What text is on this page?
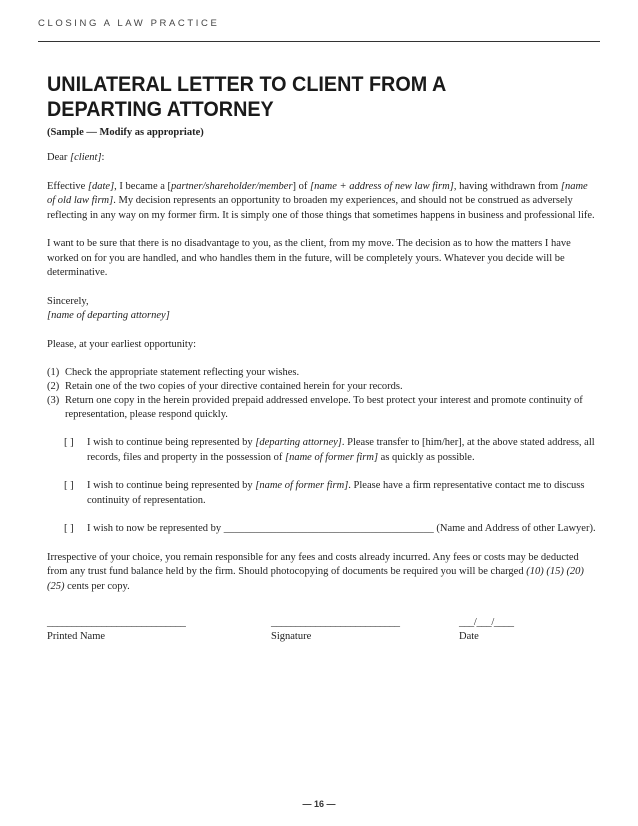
CLOSING A LAW PRACTICE
UNILATERAL LETTER TO CLIENT FROM A
DEPARTING ATTORNEY
(Sample — Modify as appropriate)

Dear [client]:

Effective [date], I became a [partner/shareholder/member] of [name + address of new law firm], having withdrawn from [name of old law firm]. My decision represents an opportunity to broaden my experiences, and should not be construed as adversely reflecting in any way on my former firm. It is simply one of those things that sometimes happens in business and professional life.

I want to be sure that there is no disadvantage to you, as the client, from my move. The decision as to how the matters I have worked on for you are handled, and who handles them in the future, will be completely yours. Whatever you decide will be determinative.

Sincerely,

[name of departing attorney]

Please, at your earliest opportunity:

(1) Check the appropriate statement reflecting your wishes.
(2) Retain one of the two copies of your directive contained herein for your records.
(3) Return one copy in the herein provided prepaid addressed envelope. To best protect your interest and promote continuity of representation, please respond quickly.
[ ]	I wish to continue being represented by [departing attorney]. Please transfer to [him/her], at the above stated address, all records, files and property in the possession of [name of former firm] as quickly as possible.
[ ]	I wish to continue being represented by [name of former firm]. Please have a firm representative contact me to discuss continuity of representation.
[ ]	I wish to now be represented by ________________________________________ (Name and Address of other Lawyer).

Irrespective of your choice, you remain responsible for any fees and costs already incurred. Any fees or costs may be deducted from any trust fund balance held by the firm. Should photocopying of documents be required you will be charged (10) (15) (20) (25) cents per copy.

____________________________
Printed Name
__________________________
Signature
___/___/____
Date
— 16 —
